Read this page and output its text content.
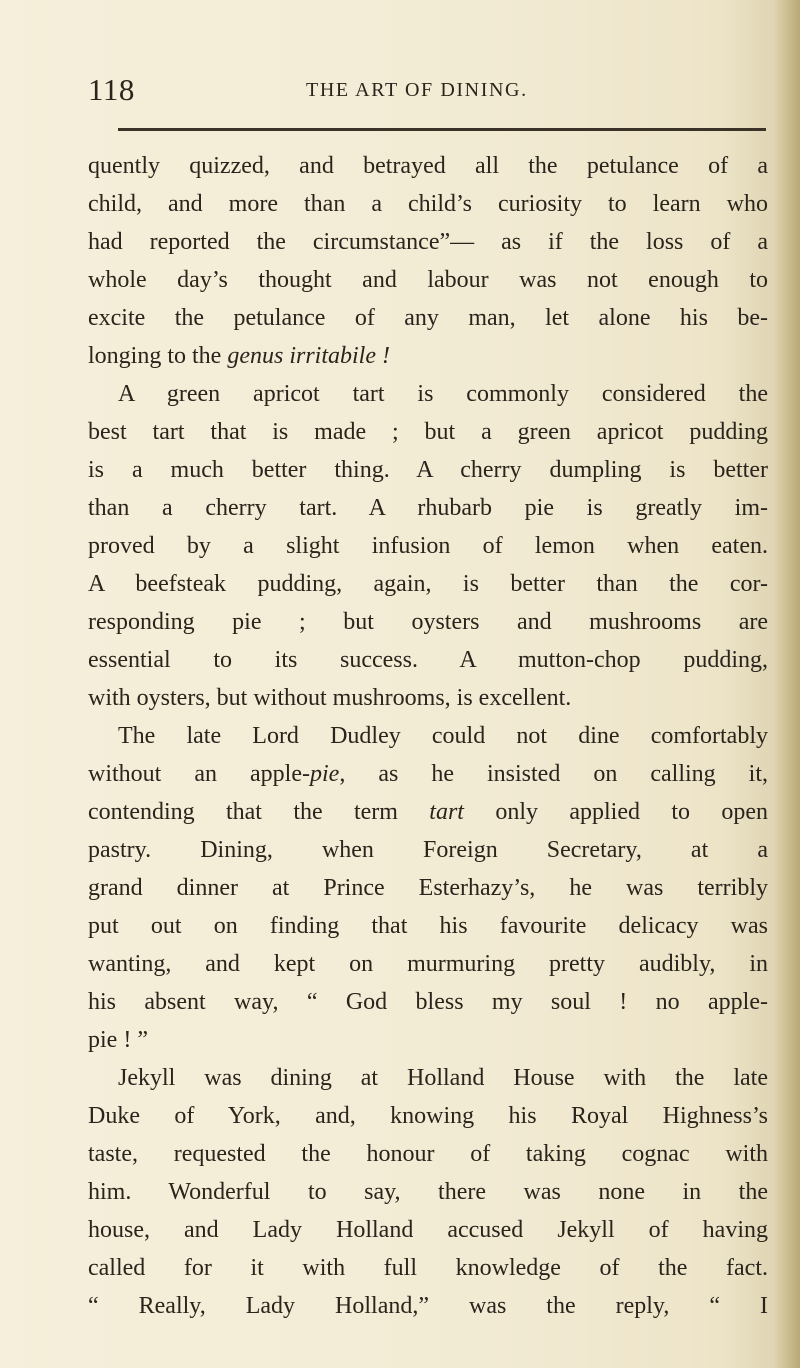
118	THE ART OF DINING.
quently quizzed, and betrayed all the petulance of a
child, and more than a child’s curiosity to learn who
had reported the circumstance”— as if the loss of a
whole day’s thought and labour was not enough to
excite the petulance of any man, let alone his be-
longing to the genus irritabile !
A green apricot tart is commonly considered the
best tart that is made ; but a green apricot pudding
is a much better thing. A cherry dumpling is better
than a cherry tart. A rhubarb pie is greatly im-
proved by a slight infusion of lemon when eaten.
A beefsteak pudding, again, is better than the cor-
responding pie ; but oysters and mushrooms are
essential to its success. A mutton-chop pudding,
with oysters, but without mushrooms, is excellent.
The late Lord Dudley could not dine comfortably
without an apple-pie, as he insisted on calling it,
contending that the term tart only applied to open
pastry. Dining, when Foreign Secretary, at a
grand dinner at Prince Esterhazy’s, he was terribly
put out on finding that his favourite delicacy was
wanting, and kept on murmuring pretty audibly, in
his absent way, “ God bless my soul ! no apple-
pie ! ”
Jekyll was dining at Holland House with the late
Duke of York, and, knowing his Royal Highness’s
taste, requested the honour of taking cognac with
him. Wonderful to say, there was none in the
house, and Lady Holland accused Jekyll of having
called for it with full knowledge of the fact.
“ Really, Lady Holland,” was the reply, “ I
